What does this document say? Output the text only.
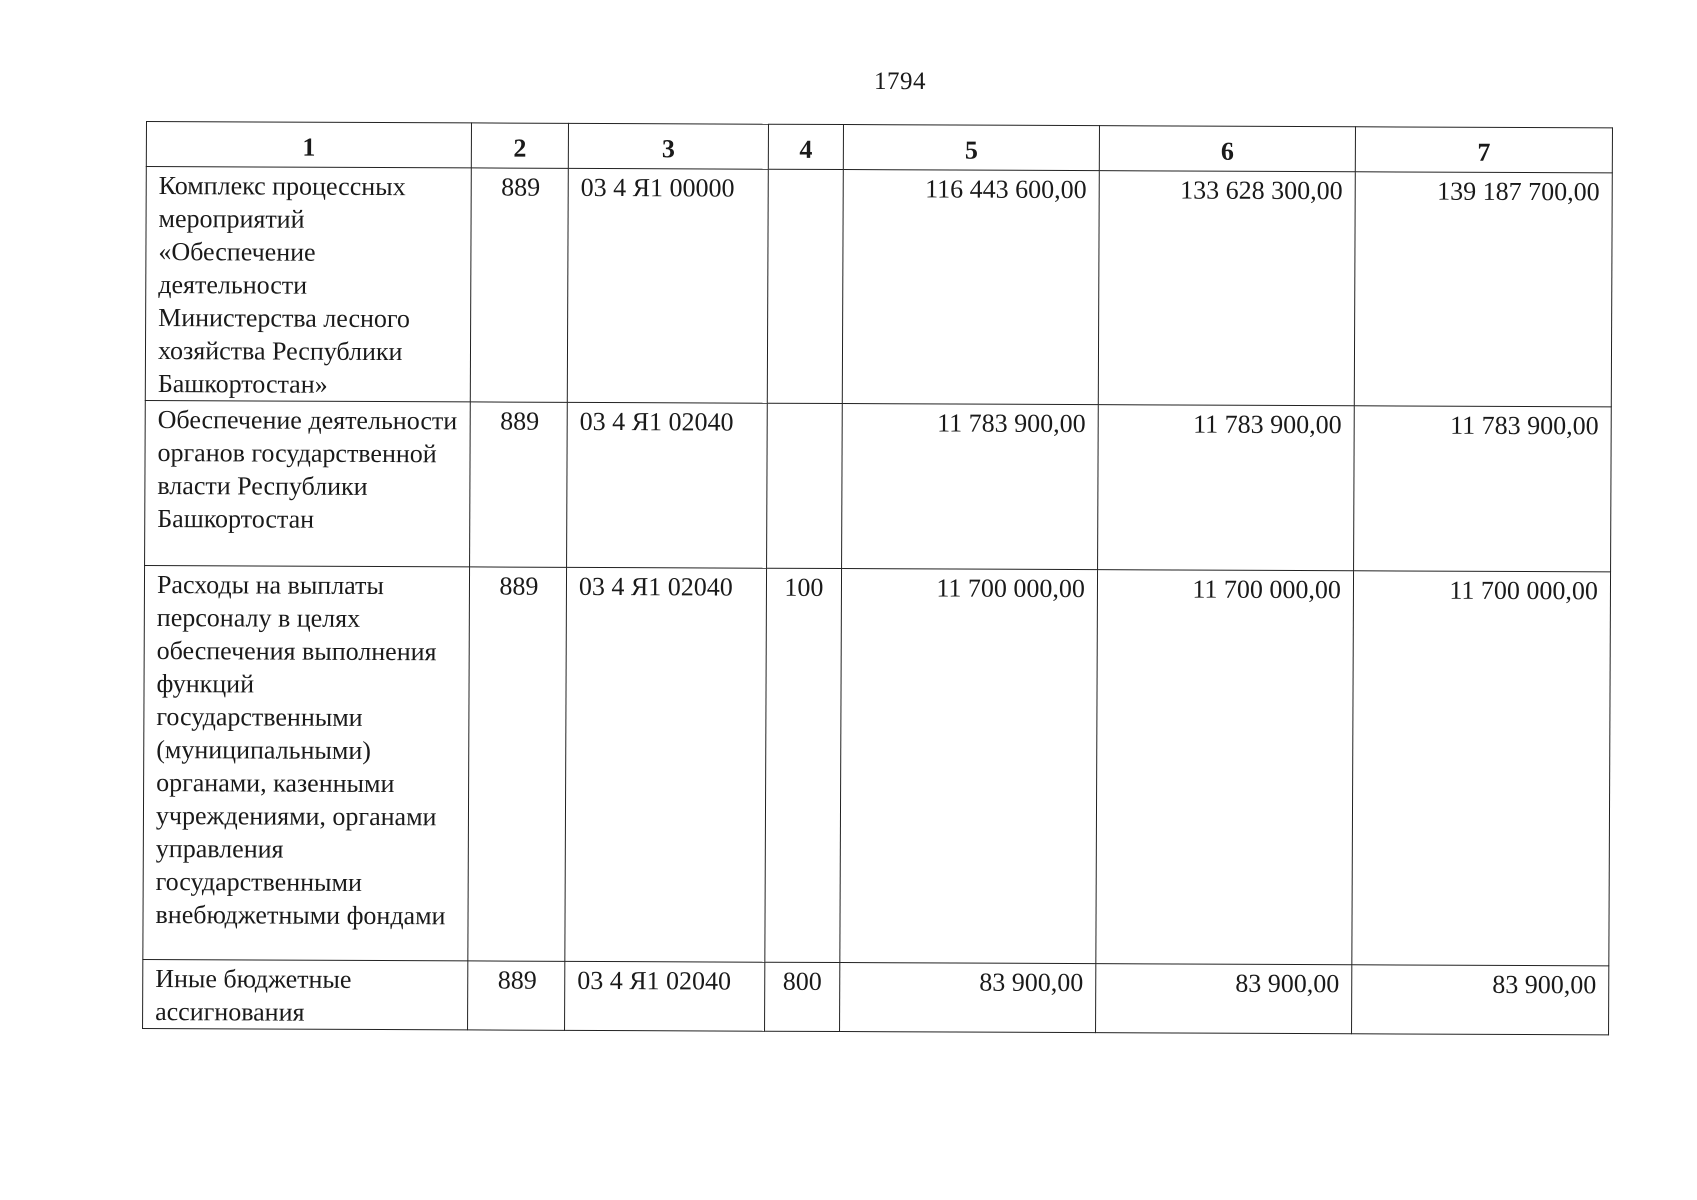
1794
1	2	3	4	5	6	7
Комплекс процессных мероприятий «Обеспечение деятельности Министерства лесного хозяйства Республики Башкортостан»	889	03 4 Я1 00000		116 443 600,00	133 628 300,00	139 187 700,00
Обеспечение деятельности органов государственной власти Республики Башкортостан	889	03 4 Я1 02040		11 783 900,00	11 783 900,00	11 783 900,00
Расходы на выплаты персоналу в целях обеспечения выполнения функций государственными (муниципальными) органами, казенными учреждениями, органами управления государственными внебюджетными фондами	889	03 4 Я1 02040	100	11 700 000,00	11 700 000,00	11 700 000,00
Иные бюджетные ассигнования	889	03 4 Я1 02040	800	83 900,00	83 900,00	83 900,00
